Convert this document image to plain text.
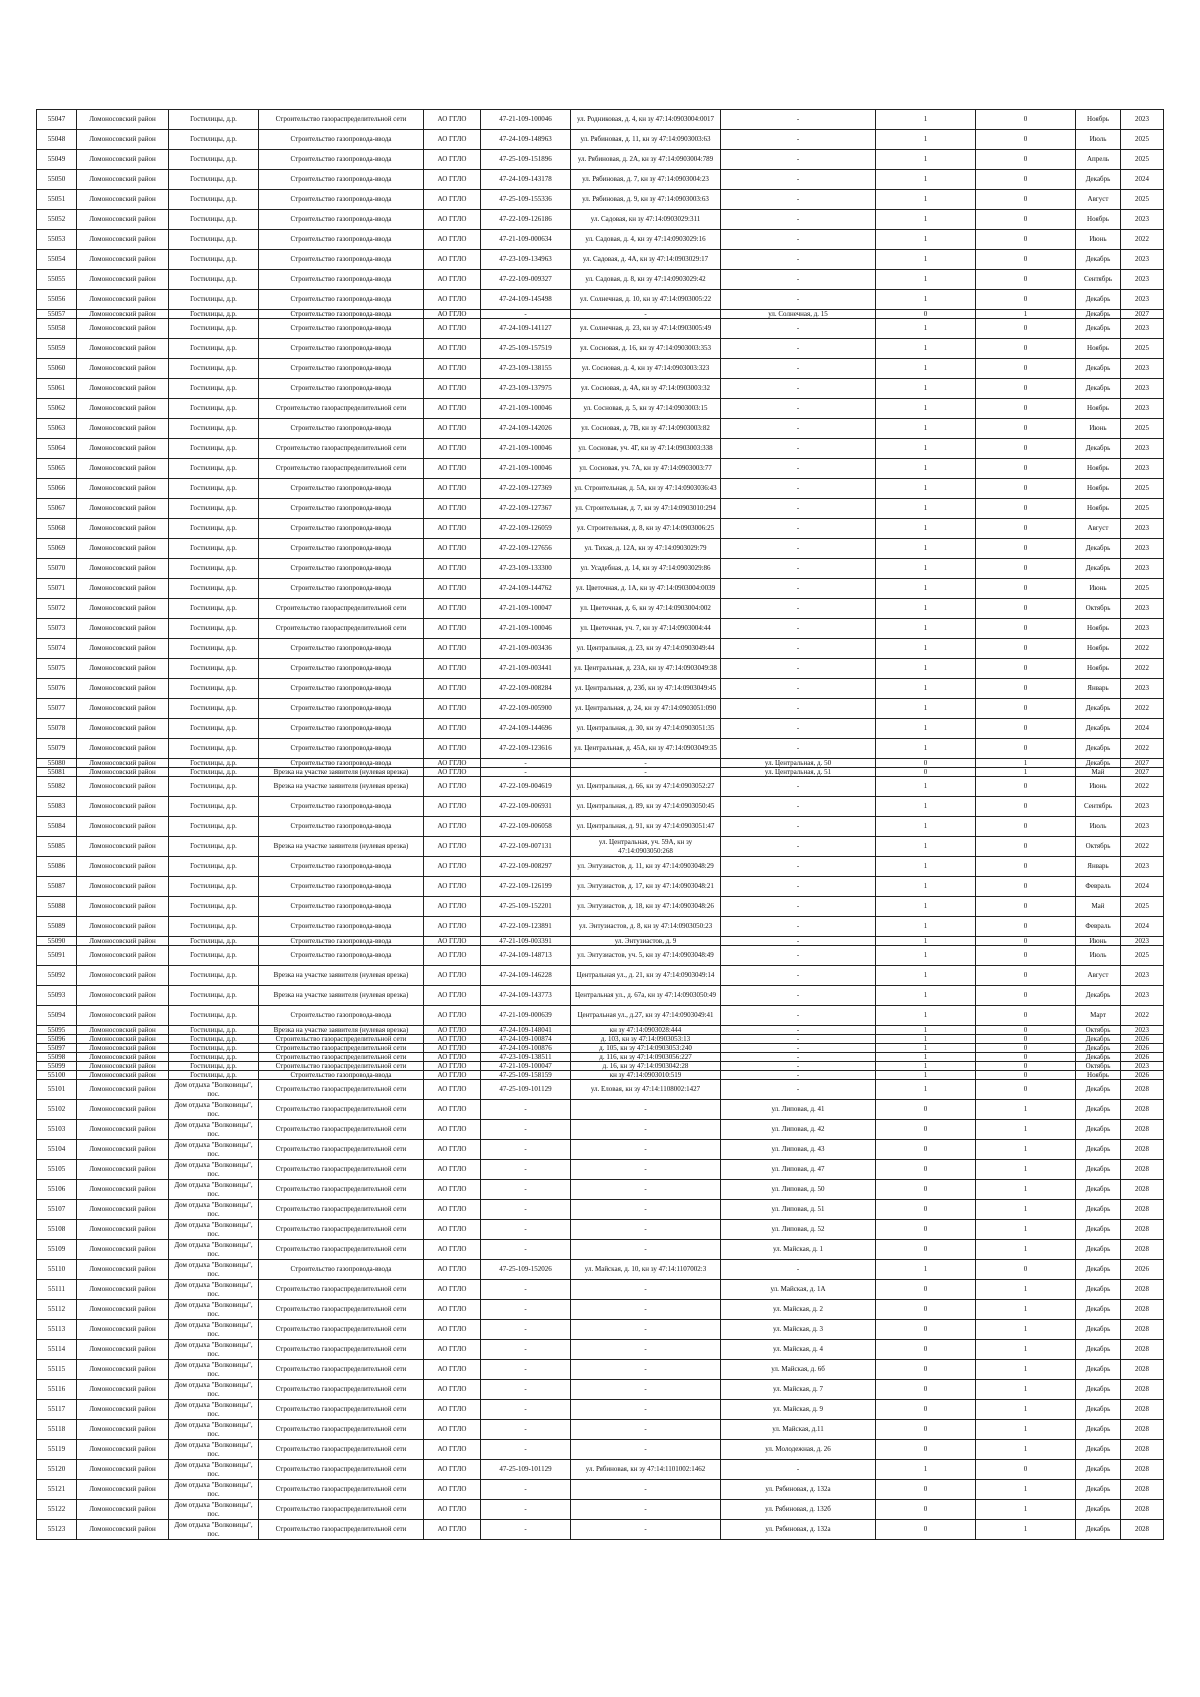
55047	Ломоносовский район	Гостилицы, д.р.	Строительство газораспределительной сети	АО ГГЛО	47-21-109-100046	ул. Родниковая, д. 4, кн зу 47:14:0903004:0017	-	1	0	Ноябрь	2023
55048	Ломоносовский район	Гостилицы, д.р.	Строительство газопровода-ввода	АО ГГЛО	47-24-109-148963	ул. Рябиновая, д. 11, кн зу 47:14:0903003:63	-	1	0	Июль	2025
55049	Ломоносовский район	Гостилицы, д.р.	Строительство газопровода-ввода	АО ГГЛО	47-25-109-151896	ул. Рябиновая, д. 2А, кн зу 47:14:0903004:789	-	1	0	Апрель	2025
55050	Ломоносовский район	Гостилицы, д.р.	Строительство газопровода-ввода	АО ГГЛО	47-24-109-143178	ул. Рябиновая, д. 7, кн зу 47:14:0903004:23	-	1	0	Декабрь	2024
55051	Ломоносовский район	Гостилицы, д.р.	Строительство газопровода-ввода	АО ГГЛО	47-25-109-155336	ул. Рябиновая, д. 9, кн зу 47:14:0903003:63	-	1	0	Август	2025
55052	Ломоносовский район	Гостилицы, д.р.	Строительство газопровода-ввода	АО ГГЛО	47-22-109-126186	ул. Садовая, кн зу 47:14:0903029:311	-	1	0	Ноябрь	2023
55053	Ломоносовский район	Гостилицы, д.р.	Строительство газопровода-ввода	АО ГГЛО	47-21-109-000634	ул. Садовая, д. 4, кн зу 47:14:0903029:16	-	1	0	Июнь	2022
55054	Ломоносовский район	Гостилицы, д.р.	Строительство газопровода-ввода	АО ГГЛО	47-23-109-134963	ул. Садовая, д. 4А, кн зу 47:14:0903029:17	-	1	0	Декабрь	2023
55055	Ломоносовский район	Гостилицы, д.р.	Строительство газопровода-ввода	АО ГГЛО	47-22-109-009327	ул. Садовая, д. 8, кн зу 47:14:0903029:42	-	1	0	Сентябрь	2023
55056	Ломоносовский район	Гостилицы, д.р.	Строительство газопровода-ввода	АО ГГЛО	47-24-109-145498	ул. Солнечная, д. 10, кн зу 47:14:0903005:22	-	1	0	Декабрь	2023
55057	Ломоносовский район	Гостилицы, д.р.	Строительство газопровода-ввода	АО ГГЛО	-	-	ул. Солнечная, д. 15	0	1	Декабрь	2027
55058	Ломоносовский район	Гостилицы, д.р.	Строительство газопровода-ввода	АО ГГЛО	47-24-109-141127	ул. Солнечная, д. 23, кн зу 47:14:0903005:49	-	1	0	Декабрь	2023
55059	Ломоносовский район	Гостилицы, д.р.	Строительство газопровода-ввода	АО ГГЛО	47-25-109-157519	ул. Сосновая, д. 16, кн зу 47:14:0903003:353	-	1	0	Ноябрь	2025
55060	Ломоносовский район	Гостилицы, д.р.	Строительство газопровода-ввода	АО ГГЛО	47-23-109-138155	ул. Сосновая, д. 4, кн зу 47:14:0903003:323	-	1	0	Декабрь	2023
55061	Ломоносовский район	Гостилицы, д.р.	Строительство газопровода-ввода	АО ГГЛО	47-23-109-137975	ул. Сосновая, д. 4А, кн зу 47:14:0903003:32	-	1	0	Декабрь	2023
55062	Ломоносовский район	Гостилицы, д.р.	Строительство газораспределительной сети	АО ГГЛО	47-21-109-100046	ул. Сосновая, д. 5, кн зу 47:14:0903003:15	-	1	0	Ноябрь	2023
55063	Ломоносовский район	Гостилицы, д.р.	Строительство газопровода-ввода	АО ГГЛО	47-24-109-142026	ул. Сосновая, д. 7В, кн зу 47:14:0903003:82	-	1	0	Июнь	2025
55064	Ломоносовский район	Гостилицы, д.р.	Строительство газораспределительной сети	АО ГГЛО	47-21-109-100046	ул. Сосновая, уч. 4Г, кн зу 47:14:0903003:338	-	1	0	Декабрь	2023
55065	Ломоносовский район	Гостилицы, д.р.	Строительство газораспределительной сети	АО ГГЛО	47-21-109-100046	ул. Сосновая, уч. 7А, кн зу 47:14:0903003:77	-	1	0	Ноябрь	2023
55066	Ломоносовский район	Гостилицы, д.р.	Строительство газопровода-ввода	АО ГГЛО	47-22-109-127369	ул. Строительная, д. 5А, кн зу 47:14:0903036:43	-	1	0	Ноябрь	2025
55067	Ломоносовский район	Гостилицы, д.р.	Строительство газопровода-ввода	АО ГГЛО	47-22-109-127367	ул. Строительная, д. 7, кн зу 47:14:0903010:294	-	1	0	Ноябрь	2025
55068	Ломоносовский район	Гостилицы, д.р.	Строительство газопровода-ввода	АО ГГЛО	47-22-109-126059	ул. Строительная, д. 8, кн зу 47:14:0903006:25	-	1	0	Август	2023
55069	Ломоносовский район	Гостилицы, д.р.	Строительство газопровода-ввода	АО ГГЛО	47-22-109-127656	ул. Тихая, д. 12А, кн зу 47:14:0903029:79	-	1	0	Декабрь	2023
55070	Ломоносовский район	Гостилицы, д.р.	Строительство газопровода-ввода	АО ГГЛО	47-23-109-133300	ул. Усадебная, д. 14, кн зу 47:14:0903029:86	-	1	0	Декабрь	2023
55071	Ломоносовский район	Гостилицы, д.р.	Строительство газопровода-ввода	АО ГГЛО	47-24-109-144762	ул. Цветочная, д. 1А, кн зу 47:14:0903004:0039	-	1	0	Июнь	2025
55072	Ломоносовский район	Гостилицы, д.р.	Строительство газораспределительной сети	АО ГГЛО	47-21-109-100047	ул. Цветочная, д. 6, кн зу 47:14:0903004:002	-	1	0	Октябрь	2023
55073	Ломоносовский район	Гостилицы, д.р.	Строительство газораспределительной сети	АО ГГЛО	47-21-109-100046	ул. Цветочная, уч. 7, кн зу 47:14:0903004:44	-	1	0	Ноябрь	2023
55074	Ломоносовский район	Гостилицы, д.р.	Строительство газопровода-ввода	АО ГГЛО	47-21-109-003436	ул. Центральная, д. 23, кн зу 47:14:0903049:44	-	1	0	Ноябрь	2022
55075	Ломоносовский район	Гостилицы, д.р.	Строительство газопровода-ввода	АО ГГЛО	47-21-109-003441	ул. Центральная, д. 23А, кн зу 47:14:0903049:38	-	1	0	Ноябрь	2022
55076	Ломоносовский район	Гостилицы, д.р.	Строительство газопровода-ввода	АО ГГЛО	47-22-109-008284	ул. Центральная, д. 23б, кн зу 47:14:0903049:45	-	1	0	Январь	2023
55077	Ломоносовский район	Гостилицы, д.р.	Строительство газопровода-ввода	АО ГГЛО	47-22-109-005900	ул. Центральная, д. 24, кн зу 47:14:0903051:090	-	1	0	Декабрь	2022
55078	Ломоносовский район	Гостилицы, д.р.	Строительство газопровода-ввода	АО ГГЛО	47-24-109-144696	ул. Центральная, д. 30, кн зу 47:14:0903051:35	-	1	0	Декабрь	2024
55079	Ломоносовский район	Гостилицы, д.р.	Строительство газопровода-ввода	АО ГГЛО	47-22-109-123616	ул. Центральная, д. 45А, кн зу 47:14:0903049:35	-	1	0	Декабрь	2022
55080	Ломоносовский район	Гостилицы, д.р.	Строительство газопровода-ввода	АО ГГЛО	-	-	ул. Центральная, д. 50	0	1	Декабрь	2027
55081	Ломоносовский район	Гостилицы, д.р.	Врезка на участке заявителя (нулевая врезка)	АО ГГЛО	-	-	ул. Центральная, д. 51	0	1	Май	2027
55082	Ломоносовский район	Гостилицы, д.р.	Врезка на участке заявителя (нулевая врезка)	АО ГГЛО	47-22-109-004619	ул. Центральная, д. 66, кн зу 47:14:0903052:27	-	1	0	Июнь	2022
55083	Ломоносовский район	Гостилицы, д.р.	Строительство газопровода-ввода	АО ГГЛО	47-22-109-006931	ул. Центральная, д. 89, кн зу 47:14:0903050:45	-	1	0	Сентябрь	2023
55084	Ломоносовский район	Гостилицы, д.р.	Строительство газопровода-ввода	АО ГГЛО	47-22-109-006058	ул. Центральная, д. 91, кн зу 47:14:0903051:47	-	1	0	Июль	2023
55085	Ломоносовский район	Гостилицы, д.р.	Врезка на участке заявителя (нулевая врезка)	АО ГГЛО	47-22-109-007131	ул. Центральная, уч. 59А, кн зу 47:14:0903050:268	-	1	0	Октябрь	2022
55086	Ломоносовский район	Гостилицы, д.р.	Строительство газопровода-ввода	АО ГГЛО	47-22-109-008297	ул. Энтузиастов, д. 11, кн зу 47:14:0903048:29	-	1	0	Январь	2023
55087	Ломоносовский район	Гостилицы, д.р.	Строительство газопровода-ввода	АО ГГЛО	47-22-109-126199	ул. Энтузиастов, д. 17, кн зу 47:14:0903048:21	-	1	0	Февраль	2024
55088	Ломоносовский район	Гостилицы, д.р.	Строительство газопровода-ввода	АО ГГЛО	47-25-109-152201	ул. Энтузиастов, д. 18, кн зу 47:14:0903048:26	-	1	0	Май	2025
55089	Ломоносовский район	Гостилицы, д.р.	Строительство газопровода-ввода	АО ГГЛО	47-22-109-123891	ул. Энтузиастов, д. 8, кн зу 47:14:0903050:23	-	1	0	Февраль	2024
55090	Ломоносовский район	Гостилицы, д.р.	Строительство газопровода-ввода	АО ГГЛО	47-21-109-003391	ул. Энтузиастов, д. 9	-	1	0	Июнь	2023
55091	Ломоносовский район	Гостилицы, д.р.	Строительство газопровода-ввода	АО ГГЛО	47-24-109-148713	ул. Энтузиастов, уч. 5, кн зу 47:14:0903048:49	-	1	0	Июль	2025
55092	Ломоносовский район	Гостилицы, д.р.	Врезка на участке заявителя (нулевая врезка)	АО ГГЛО	47-24-109-146228	Центральная ул., д. 21, кн зу 47:14:0903049:14	-	1	0	Август	2023
55093	Ломоносовский район	Гостилицы, д.р.	Врезка на участке заявителя (нулевая врезка)	АО ГГЛО	47-24-109-143773	Центральная ул., д. 67а, кн зу 47:14:0903050:49	-	1	0	Декабрь	2023
55094	Ломоносовский район	Гостилицы, д.р.	Строительство газопровода-ввода	АО ГГЛО	47-21-109-000639	Центральная ул., д.27, кн зу 47:14:0903049:41	-	1	0	Март	2022
55095	Ломоносовский район	Гостилицы, д.р.	Врезка на участке заявителя (нулевая врезка)	АО ГГЛО	47-24-109-148041	кн зу 47:14:0903028:444	-	1	0	Октябрь	2023
55096	Ломоносовский район	Гостилицы, д.р.	Строительство газораспределительной сети	АО ГГЛО	47-24-109-100874	д. 103, кн зу 47:14:0903053:13	-	1	0	Декабрь	2026
55097	Ломоносовский район	Гостилицы, д.р.	Строительство газораспределительной сети	АО ГГЛО	47-24-109-100876	д. 105, кн зу 47:14:0903053:240	-	1	0	Декабрь	2026
55098	Ломоносовский район	Гостилицы, д.р.	Строительство газораспределительной сети	АО ГГЛО	47-23-109-138511	д. 116, кн зу 47:14:0903056:227	-	1	0	Декабрь	2026
55099	Ломоносовский район	Гостилицы, д.р.	Строительство газораспределительной сети	АО ГГЛО	47-21-109-100047	д. 16, кн зу 47:14:0903042:28	-	1	0	Октябрь	2023
55100	Ломоносовский район	Гостилицы, д.р.	Строительство газопровода-ввода	АО ГГЛО	47-25-109-158159	кн зу 47:14:0903010:519	-	1	0	Ноябрь	2026
55101	Ломоносовский район	Дом отдыха "Волковицы", пос.	Строительство газораспределительной сети	АО ГГЛО	47-25-109-101129	ул. Еловая, кн зу 47:14:1108002:1427	-	1	0	Декабрь	2028
55102	Ломоносовский район	Дом отдыха "Волковицы", пос.	Строительство газораспределительной сети	АО ГГЛО	-	-	ул. Липовая, д. 41	0	1	Декабрь	2028
55103	Ломоносовский район	Дом отдыха "Волковицы", пос.	Строительство газораспределительной сети	АО ГГЛО	-	-	ул. Липовая, д. 42	0	1	Декабрь	2028
55104	Ломоносовский район	Дом отдыха "Волковицы", пос.	Строительство газораспределительной сети	АО ГГЛО	-	-	ул. Липовая, д. 43	0	1	Декабрь	2028
55105	Ломоносовский район	Дом отдыха "Волковицы", пос.	Строительство газораспределительной сети	АО ГГЛО	-	-	ул. Липовая, д. 47	0	1	Декабрь	2028
55106	Ломоносовский район	Дом отдыха "Волковицы", пос.	Строительство газораспределительной сети	АО ГГЛО	-	-	ул. Липовая, д. 50	0	1	Декабрь	2028
55107	Ломоносовский район	Дом отдыха "Волковицы", пос.	Строительство газораспределительной сети	АО ГГЛО	-	-	ул. Липовая, д. 51	0	1	Декабрь	2028
55108	Ломоносовский район	Дом отдыха "Волковицы", пос.	Строительство газораспределительной сети	АО ГГЛО	-	-	ул. Липовая, д. 52	0	1	Декабрь	2028
55109	Ломоносовский район	Дом отдыха "Волковицы", пос.	Строительство газораспределительной сети	АО ГГЛО	-	-	ул. Майская, д. 1	0	1	Декабрь	2028
55110	Ломоносовский район	Дом отдыха "Волковицы", пос.	Строительство газопровода-ввода	АО ГГЛО	47-25-109-152026	ул. Майская, д. 10, кн зу 47:14:1107002:3	-	1	0	Декабрь	2026
55111	Ломоносовский район	Дом отдыха "Волковицы", пос.	Строительство газораспределительной сети	АО ГГЛО	-	-	ул. Майская, д. 1А	0	1	Декабрь	2028
55112	Ломоносовский район	Дом отдыха "Волковицы", пос.	Строительство газораспределительной сети	АО ГГЛО	-	-	ул. Майская, д. 2	0	1	Декабрь	2028
55113	Ломоносовский район	Дом отдыха "Волковицы", пос.	Строительство газораспределительной сети	АО ГГЛО	-	-	ул. Майская, д. 3	0	1	Декабрь	2028
55114	Ломоносовский район	Дом отдыха "Волковицы", пос.	Строительство газораспределительной сети	АО ГГЛО	-	-	ул. Майская, д. 4	0	1	Декабрь	2028
55115	Ломоносовский район	Дом отдыха "Волковицы", пос.	Строительство газораспределительной сети	АО ГГЛО	-	-	ул. Майская, д. 6б	0	1	Декабрь	2028
55116	Ломоносовский район	Дом отдыха "Волковицы", пос.	Строительство газораспределительной сети	АО ГГЛО	-	-	ул. Майская, д. 7	0	1	Декабрь	2028
55117	Ломоносовский район	Дом отдыха "Волковицы", пос.	Строительство газораспределительной сети	АО ГГЛО	-	-	ул. Майская, д. 9	0	1	Декабрь	2028
55118	Ломоносовский район	Дом отдыха "Волковицы", пос.	Строительство газораспределительной сети	АО ГГЛО	-	-	ул. Майская, д.11	0	1	Декабрь	2028
55119	Ломоносовский район	Дом отдыха "Волковицы", пос.	Строительство газораспределительной сети	АО ГГЛО	-	-	ул. Молодежная, д. 26	0	1	Декабрь	2028
55120	Ломоносовский район	Дом отдыха "Волковицы", пос.	Строительство газораспределительной сети	АО ГГЛО	47-25-109-101129	ул. Рябиновая, кн зу 47:14:1101002:1462	-	1	0	Декабрь	2028
55121	Ломоносовский район	Дом отдыха "Волковицы", пос.	Строительство газораспределительной сети	АО ГГЛО	-	-	ул. Рябиновая, д. 132а	0	1	Декабрь	2028
55122	Ломоносовский район	Дом отдыха "Волковицы", пос.	Строительство газораспределительной сети	АО ГГЛО	-	-	ул. Рябиновая, д. 132б	0	1	Декабрь	2028
55123	Ломоносовский район	Дом отдыха "Волковицы", пос.	Строительство газораспределительной сети	АО ГГЛО	-	-	ул. Рябиновая, д. 132а	0	1	Декабрь	2028
